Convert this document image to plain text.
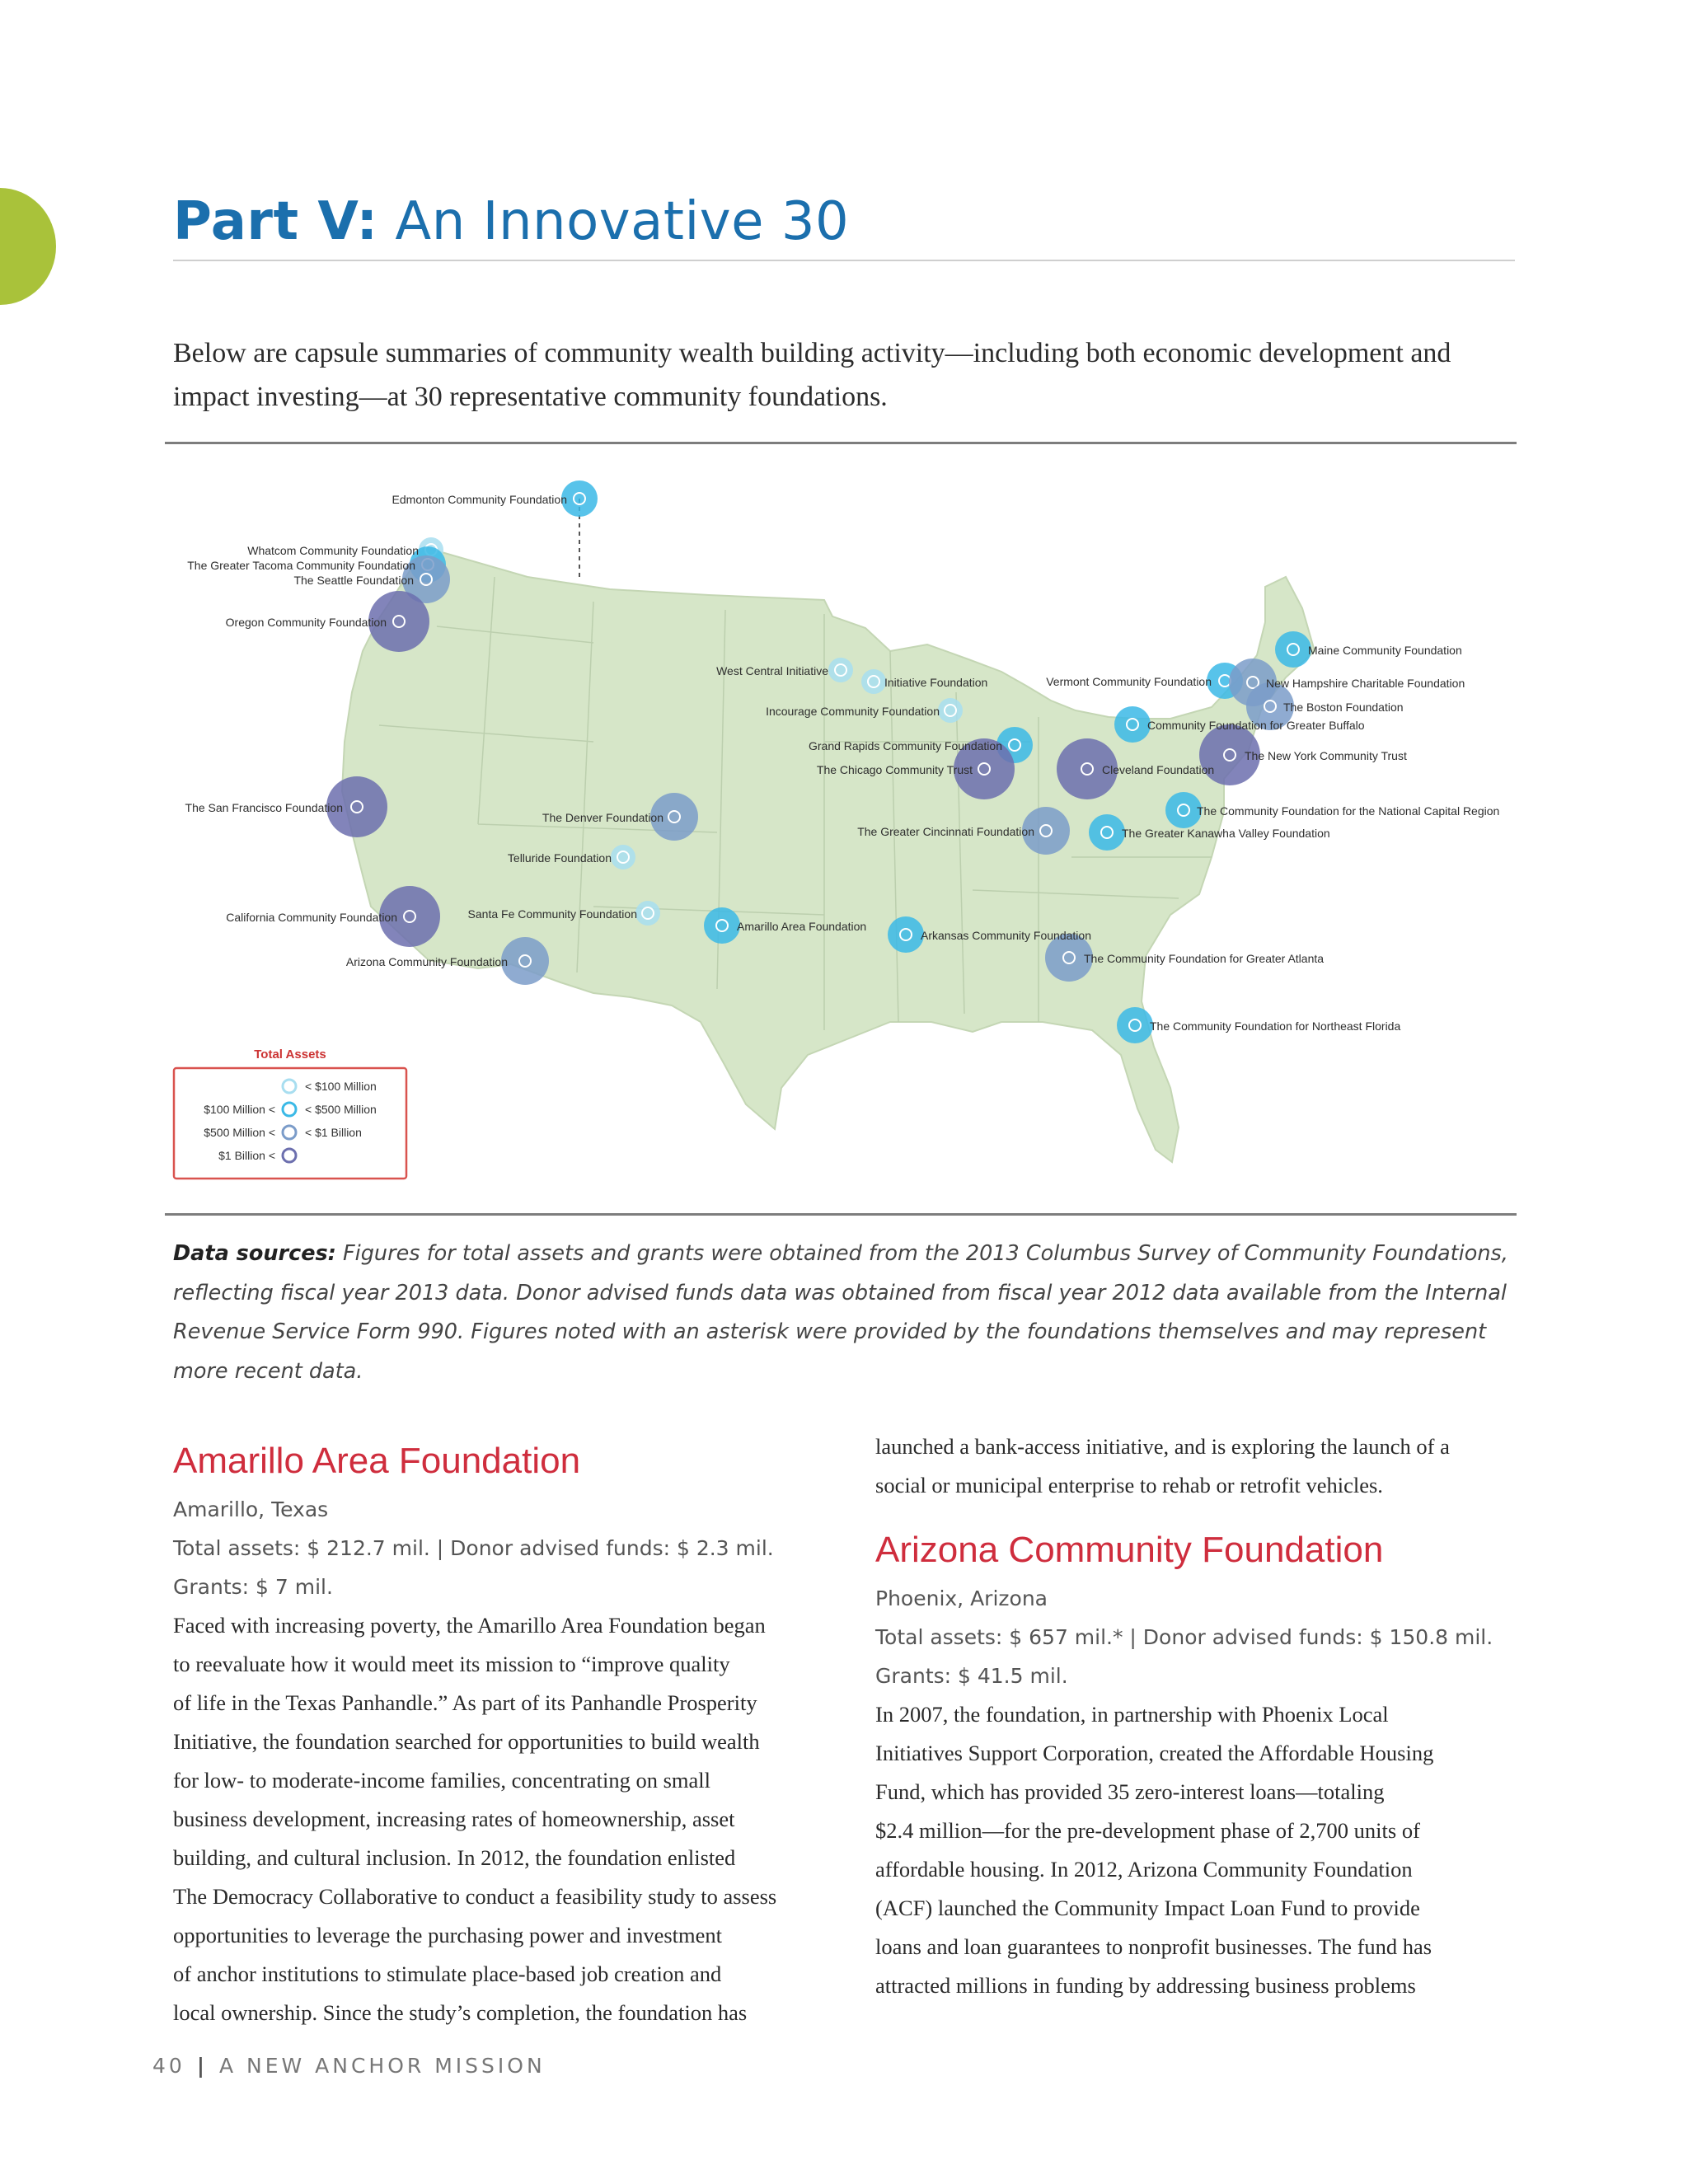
Part V: An Innovative 30

Below are capsule summaries of community wealth building activity—including both economic development and impact investing—at 30 representative community foundations.

Edmonton Community Foundation
Whatcom Community Foundation
The Greater Tacoma Community Foundation
The Seattle Foundation
Oregon Community Foundation
The San Francisco Foundation
California Community Foundation
Arizona Community Foundation
Santa Fe Community Foundation
Telluride Foundation
The Denver Foundation
West Central Initiative
Initiative Foundation
Incourage Community Foundation
Grand Rapids Community Foundation
The Chicago Community Trust	Cleveland Foundation
The Greater Cincinnati Foundation	The Greater Kanawha Valley Foundation
Amarillo Area Foundation
Arkansas Community Foundation
The Community Foundation for Greater Atlanta
The Community Foundation for Northeast Florida
Community Foundation for Greater Buffalo
Maine Community Foundation
Vermont Community Foundation	New Hampshire Charitable Foundation
The Boston Foundation
The New York Community Trust
The Community Foundation for the National Capital Region
Total Assets
< $100 Million
$100 Million <	< $500 Million
$500 Million <	< $1 Billion
$1 Billion <

Data sources: Figures for total assets and grants were obtained from the 2013 Columbus Survey of Community Foundations, reflecting fiscal year 2013 data. Donor advised funds data was obtained from fiscal year 2012 data available from the Internal Revenue Service Form 990. Figures noted with an asterisk were provided by the foundations themselves and may represent more recent data.

Amarillo Area Foundation
Amarillo, Texas
Total assets: $ 212.7 mil. | Donor advised funds: $ 2.3 mil.
Grants: $ 7 mil.

Faced with increasing poverty, the Amarillo Area Foundation began

to reevaluate how it would meet its mission to “improve quality

of life in the Texas Panhandle.” As part of its Panhandle Prosperity

Initiative, the foundation searched for opportunities to build wealth

for low- to moderate-income families, concentrating on small

business development, increasing rates of homeownership, asset

building, and cultural inclusion. In 2012, the foundation enlisted

The Democracy Collaborative to conduct a feasibility study to assess

opportunities to leverage the purchasing power and investment

of anchor institutions to stimulate place-based job creation and

local ownership. Since the study’s completion, the foundation has

launched a bank-access initiative, and is exploring the launch of a

social or municipal enterprise to rehab or retrofit vehicles.

Arizona Community Foundation
Phoenix, Arizona
Total assets: $ 657 mil.* | Donor advised funds: $ 150.8 mil.
Grants: $ 41.5 mil.

In 2007, the foundation, in partnership with Phoenix Local

Initiatives Support Corporation, created the Affordable Housing

Fund, which has provided 35 zero-interest loans—totaling

$2.4 million—for the pre-development phase of 2,700 units of

affordable housing. In 2012, Arizona Community Foundation

(ACF) launched the Community Impact Loan Fund to provide

loans and loan guarantees to nonprofit businesses. The fund has

attracted millions in funding by addressing business problems

40 | A NEW ANCHOR MISSION
